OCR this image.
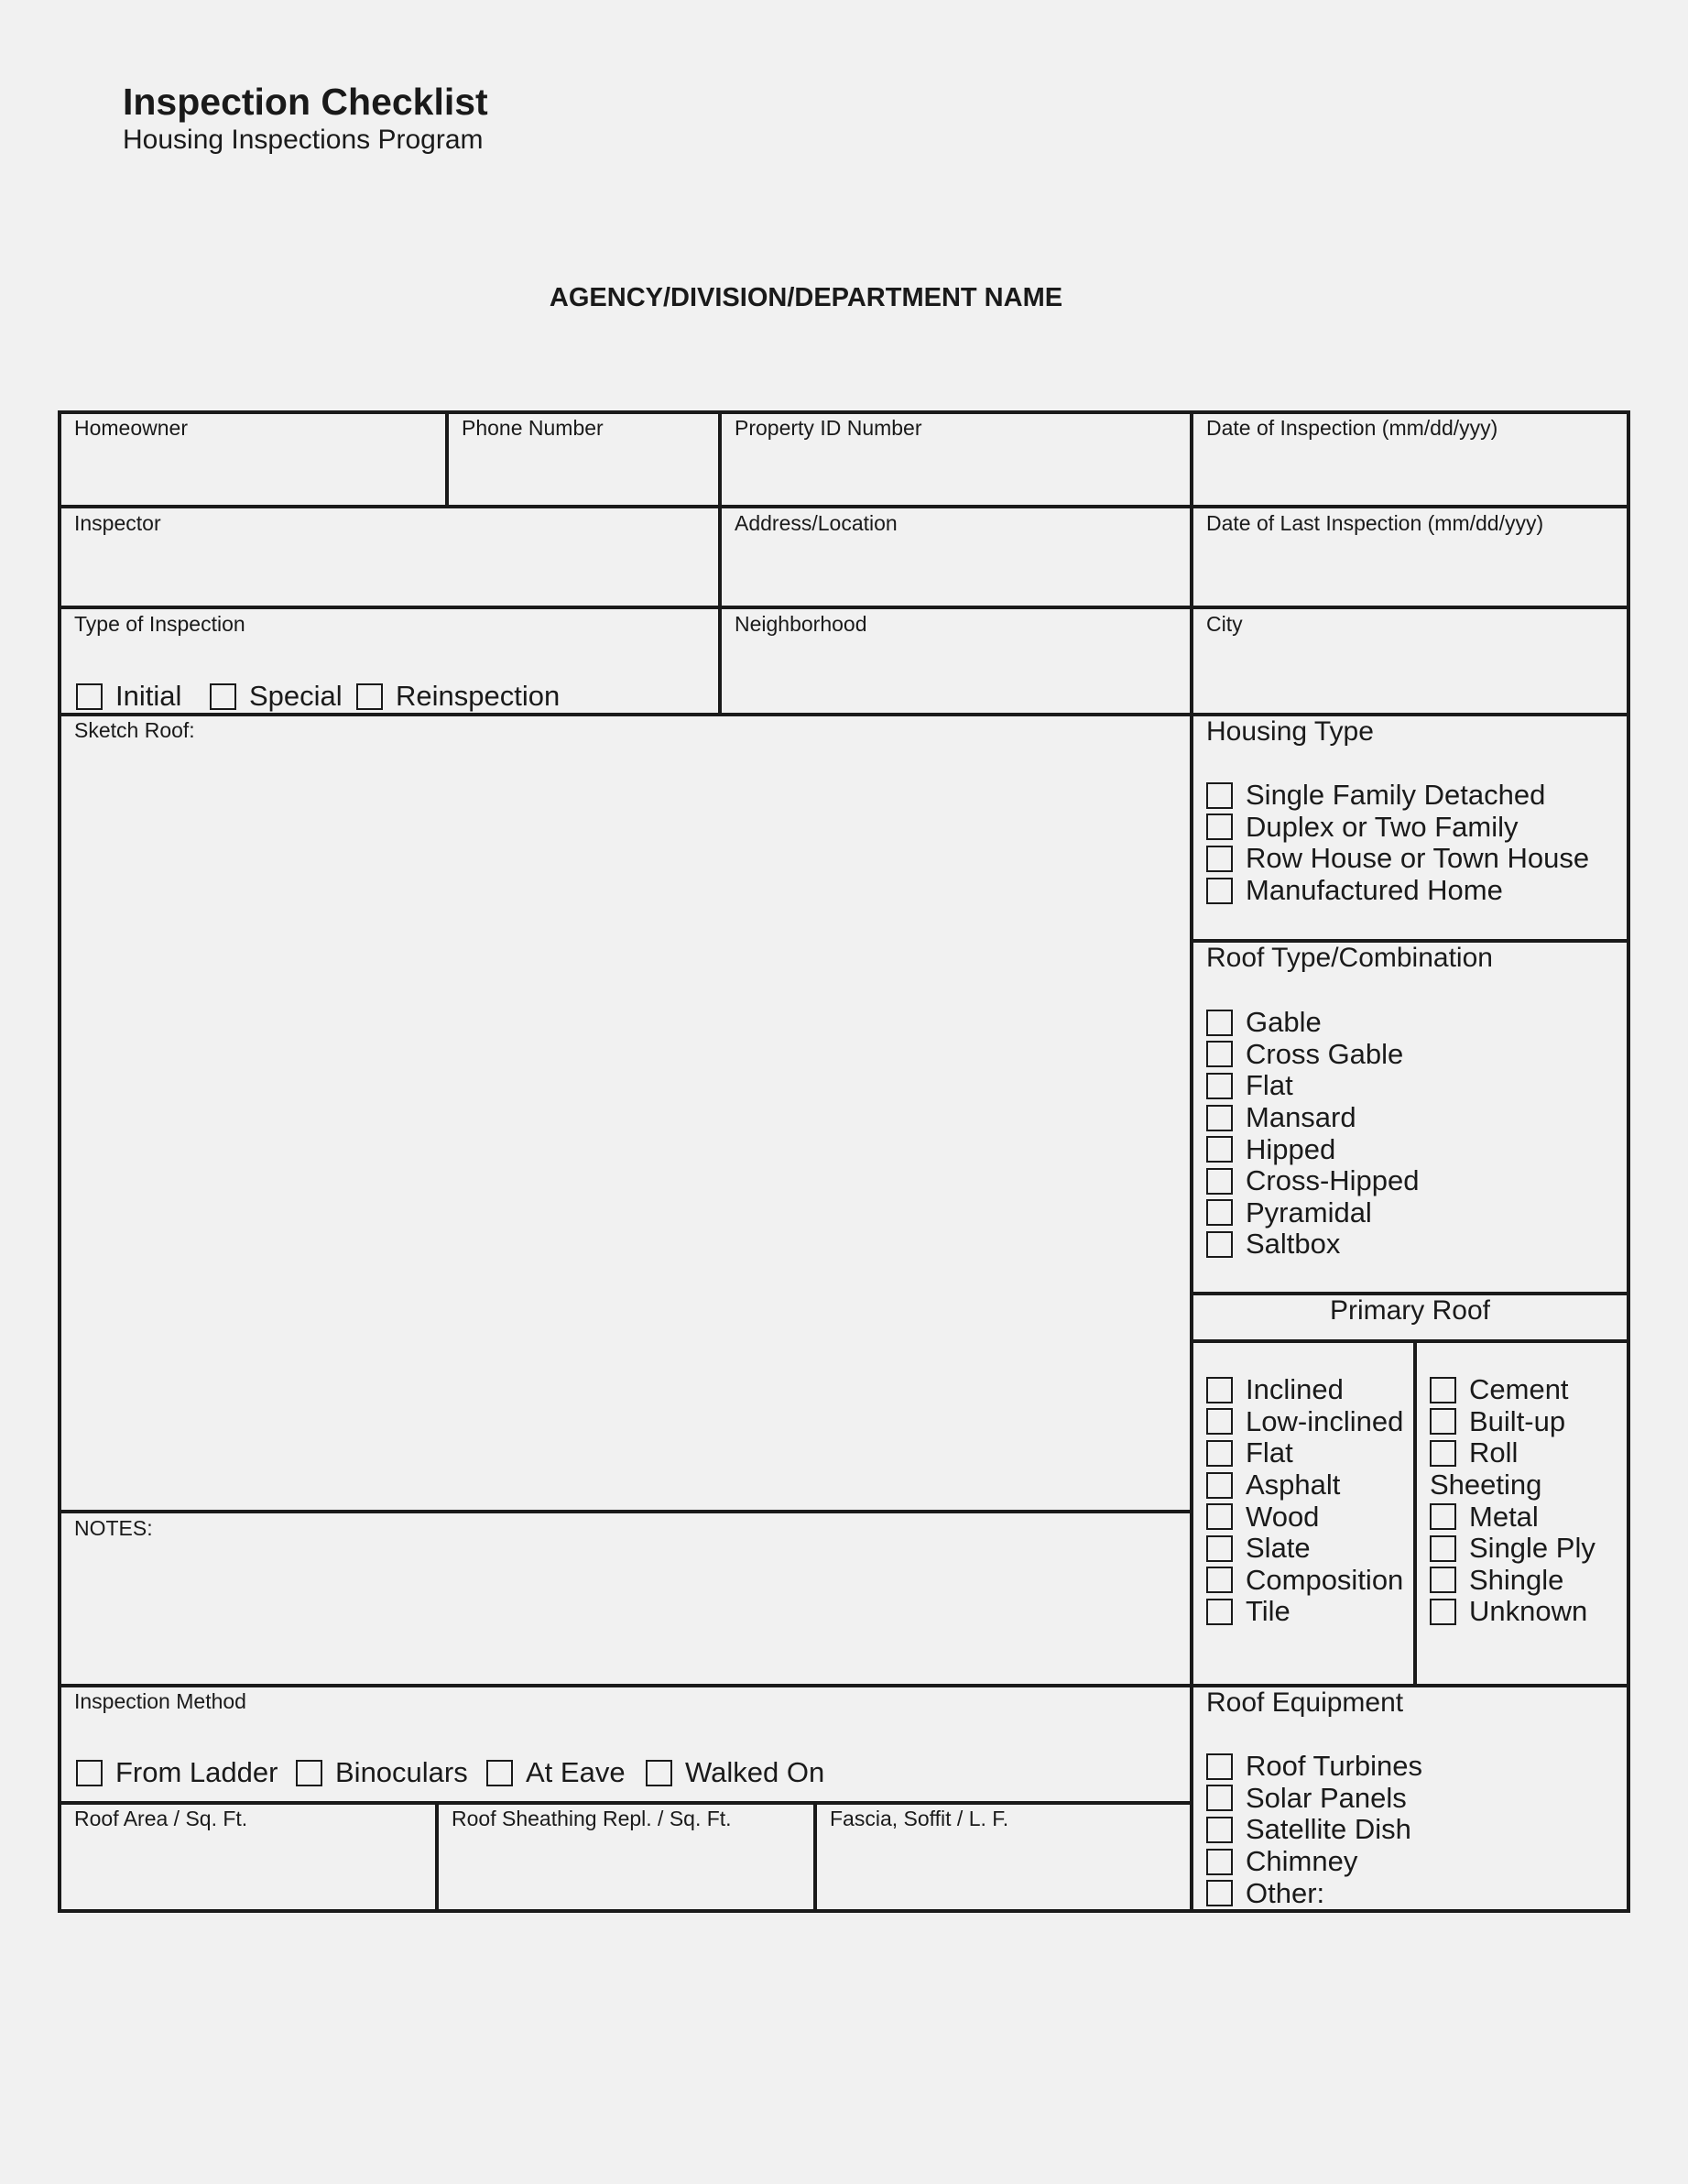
Inspection Checklist
Housing Inspections Program
AGENCY/DIVISION/DEPARTMENT NAME
Homeowner	Phone Number	Property ID Number	Date of Inspection (mm/dd/yyy)
Inspector	Address/Location	Date of Last Inspection (mm/dd/yyy)
Type of Inspection	Neighborhood	City
Sketch Roof:
NOTES:
Inspection Method
Roof Area / Sq. Ft.	Roof Sheathing Repl. / Sq. Ft.	Fascia, Soffit / L. F.
Initial Special Reinspection
From Ladder Binoculars At Eave Walked On
Housing Type
Single Family Detached
Duplex or Two Family
Row House or Town House
Manufactured Home
Roof Type/Combination
Gable
Cross Gable
Flat
Mansard
Hipped
Cross-Hipped
Pyramidal
Saltbox
Primary Roof
Inclined
Low-inclined
Flat
Asphalt
Wood
Slate
Composition
Tile
Cement
Built-up
Roll
Sheeting
Metal
Single Ply
Shingle
Unknown
Roof Equipment
Roof Turbines
Solar Panels
Satellite Dish
Chimney
Other:
